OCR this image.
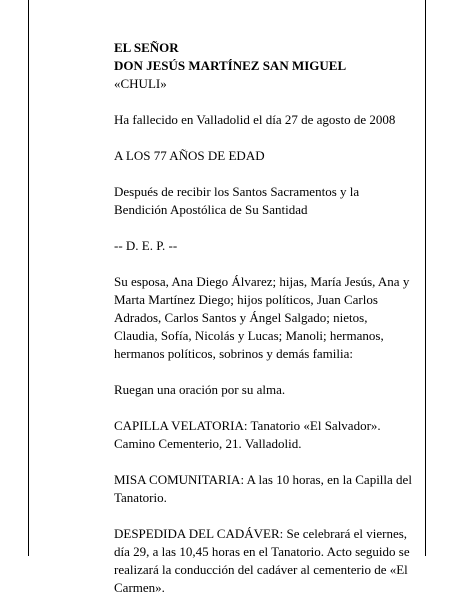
EL SEÑOR

DON JESÚS MARTÍNEZ SAN MIGUEL

«CHULI»

Ha fallecido en Valladolid el día 27 de agosto de 2008

A LOS 77 AÑOS DE EDAD

Después de recibir los Santos Sacramentos y la Bendición Apostólica de Su Santidad

-- D. E. P. --

Su esposa, Ana Diego Álvarez; hijas, María Jesús, Ana y Marta Martínez Diego; hijos políticos, Juan Carlos Adrados, Carlos Santos y Ángel Salgado; nietos, Claudia, Sofía, Nicolás y Lucas; Manoli; hermanos, hermanos políticos, sobrinos y demás familia:

Ruegan una oración por su alma.

CAPILLA VELATORIA: Tanatorio «El Salvador». Camino Cementerio, 21. Valladolid.

MISA COMUNITARIA: A las 10 horas, en la Capilla del Tanatorio.

DESPEDIDA DEL CADÁVER: Se celebrará el viernes, día 29, a las 10,45 horas en el Tanatorio. Acto seguido se realizará la conducción del cadáver al cementerio de «El Carmen».
